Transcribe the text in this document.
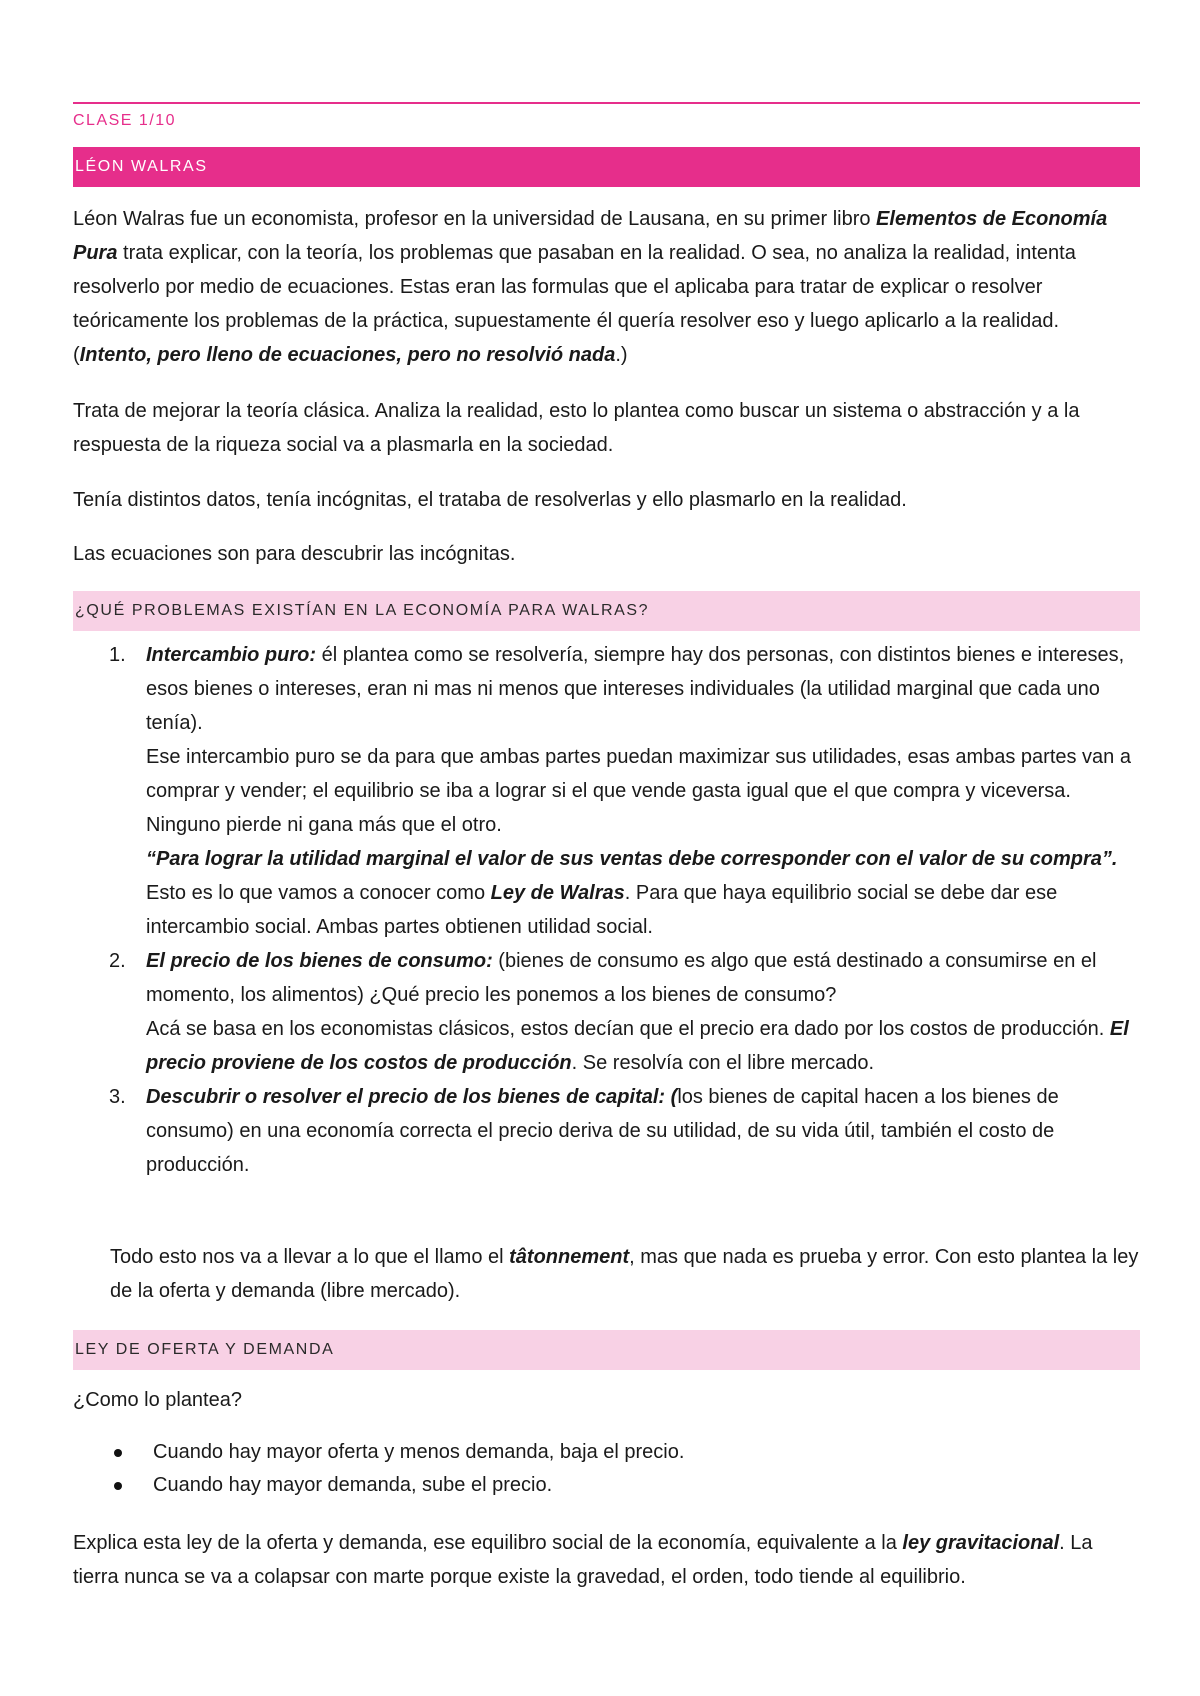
CLASE 1/10
LÉON WALRAS

Léon Walras fue un economista, profesor en la universidad de Lausana, en su primer libro Elementos de Economía Pura trata explicar, con la teoría, los problemas que pasaban en la realidad. O sea, no analiza la realidad, intenta resolverlo por medio de ecuaciones. Estas eran las formulas que el aplicaba para tratar de explicar o resolver teóricamente los problemas de la práctica, supuestamente él quería resolver eso y luego aplicarlo a la realidad. (Intento, pero lleno de ecuaciones, pero no resolvió nada.)

Trata de mejorar la teoría clásica. Analiza la realidad, esto lo plantea como buscar un sistema o abstracción y a la respuesta de la riqueza social va a plasmarla en la sociedad.

Tenía distintos datos, tenía incógnitas, el trataba de resolverlas y ello plasmarlo en la realidad.

Las ecuaciones son para descubrir las incógnitas.

¿QUÉ PROBLEMAS EXISTÍAN EN LA ECONOMÍA PARA WALRAS?
1. Intercambio puro: él plantea como se resolvería, siempre hay dos personas, con distintos bienes e intereses, esos bienes o intereses, eran ni mas ni menos que intereses individuales (la utilidad marginal que cada uno tenía).

Ese intercambio puro se da para que ambas partes puedan maximizar sus utilidades, esas ambas partes van a comprar y vender; el equilibrio se iba a lograr si el que vende gasta igual que el que compra y viceversa. Ninguno pierde ni gana más que el otro.

“Para lograr la utilidad marginal el valor de sus ventas debe corresponder con el valor de su compra”.

Esto es lo que vamos a conocer como Ley de Walras. Para que haya equilibrio social se debe dar ese intercambio social. Ambas partes obtienen utilidad social.

2. El precio de los bienes de consumo: (bienes de consumo es algo que está destinado a consumirse en el momento, los alimentos) ¿Qué precio les ponemos a los bienes de consumo?

Acá se basa en los economistas clásicos, estos decían que el precio era dado por los costos de producción. El precio proviene de los costos de producción. Se resolvía con el libre mercado.

3. Descubrir o resolver el precio de los bienes de capital: (los bienes de capital hacen a los bienes de consumo) en una economía correcta el precio deriva de su utilidad, de su vida útil, también el costo de producción.

Todo esto nos va a llevar a lo que el llamo el tâtonnement, mas que nada es prueba y error. Con esto plantea la ley de la oferta y demanda (libre mercado).

LEY DE OFERTA Y DEMANDA

¿Como lo plantea?

Cuando hay mayor oferta y menos demanda, baja el precio.
Cuando hay mayor demanda, sube el precio.

Explica esta ley de la oferta y demanda, ese equilibro social de la economía, equivalente a la ley gravitacional. La tierra nunca se va a colapsar con marte porque existe la gravedad, el orden, todo tiende al equilibrio.
